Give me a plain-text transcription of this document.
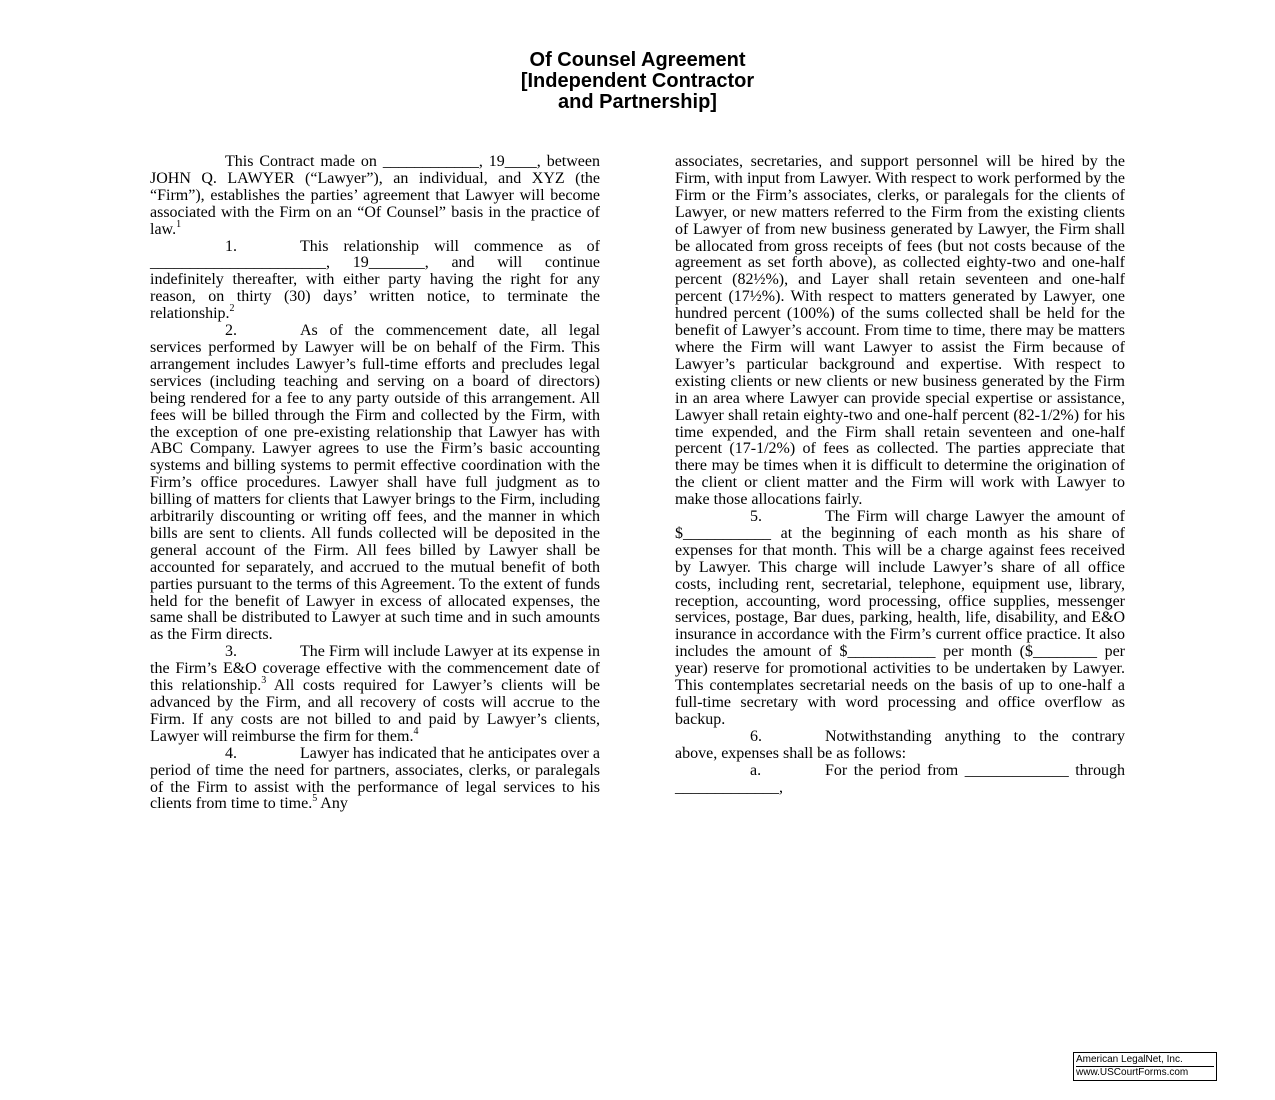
Of Counsel Agreement
[Independent Contractor
and Partnership]

This Contract made on ____________, 19____, between JOHN Q. LAWYER (“Lawyer”), an individual, and XYZ (the “Firm”), establishes the parties’ agreement that Lawyer will become associated with the Firm on an “Of Counsel” basis in the practice of law.$^1$

1.	This relationship will commence as of ______________________, 19_______, and will continue indefinitely thereafter, with either party having the right for any reason, on thirty (30) days’ written notice, to terminate the relationship.$^2$

2.	As of the commencement date, all legal services performed by Lawyer will be on behalf of the Firm. This arrangement includes Lawyer’s full-time efforts and precludes legal services (including teaching and serving on a board of directors) being rendered for a fee to any party outside of this arrangement. All fees will be billed through the Firm and collected by the Firm, with the exception of one pre-existing relationship that Lawyer has with ABC Company. Lawyer agrees to use the Firm’s basic accounting systems and billing systems to permit effective coordination with the Firm’s office procedures. Lawyer shall have full judgment as to billing of matters for clients that Lawyer brings to the Firm, including arbitrarily discounting or writing off fees, and the manner in which bills are sent to clients. All funds collected will be deposited in the general account of the Firm. All fees billed by Lawyer shall be accounted for separately, and accrued to the mutual benefit of both parties pursuant to the terms of this Agreement. To the extent of funds held for the benefit of Lawyer in excess of allocated expenses, the same shall be distributed to Lawyer at such time and in such amounts as the Firm directs.

3.	The Firm will include Lawyer at its expense in the Firm’s E&O coverage effective with the commencement date of this relationship.$^3$ All costs required for Lawyer’s clients will be advanced by the Firm, and all recovery of costs will accrue to the Firm. If any costs are not billed to and paid by Lawyer’s clients, Lawyer will reimburse the firm for them.$^4$

4.	Lawyer has indicated that he anticipates over a period of time the need for partners, associates, clerks, or paralegals of the Firm to assist with the performance of legal services to his clients from time to time.$^5$ Any

associates, secretaries, and support personnel will be hired by the Firm, with input from Lawyer. With respect to work performed by the Firm or the Firm’s associates, clerks, or paralegals for the clients of Lawyer, or new matters referred to the Firm from the existing clients of Lawyer of from new business generated by Lawyer, the Firm shall be allocated from gross receipts of fees (but not costs because of the agreement as set forth above), as collected eighty-two and one-half percent (82½%), and Layer shall retain seventeen and one-half percent (17½%). With respect to matters generated by Lawyer, one hundred percent (100%) of the sums collected shall be held for the benefit of Lawyer’s account. From time to time, there may be matters where the Firm will want Lawyer to assist the Firm because of Lawyer’s particular background and expertise. With respect to existing clients or new clients or new business generated by the Firm in an area where Lawyer can provide special expertise or assistance, Lawyer shall retain eighty-two and one-half percent (82-1/2%) for his time expended, and the Firm shall retain seventeen and one-half percent (17-1/2%) of fees as collected. The parties appreciate that there may be times when it is difficult to determine the origination of the client or client matter and the Firm will work with Lawyer to make those allocations fairly.

5.	The Firm will charge Lawyer the amount of $___________ at the beginning of each month as his share of expenses for that month. This will be a charge against fees received by Lawyer. This charge will include Lawyer’s share of all office costs, including rent, secretarial, telephone, equipment use, library, reception, accounting, word processing, office supplies, messenger services, postage, Bar dues, parking, health, life, disability, and E&O insurance in accordance with the Firm’s current office practice. It also includes the amount of $___________ per month ($________ per year) reserve for promotional activities to be undertaken by Lawyer. This contemplates secretarial needs on the basis of up to one-half a full-time secretary with word processing and office overflow as backup.

6.	Notwithstanding anything to the contrary above, expenses shall be as follows:

a.	For the period from _____________ through _____________,

American LegalNet, Inc.
www.USCourtForms.com
